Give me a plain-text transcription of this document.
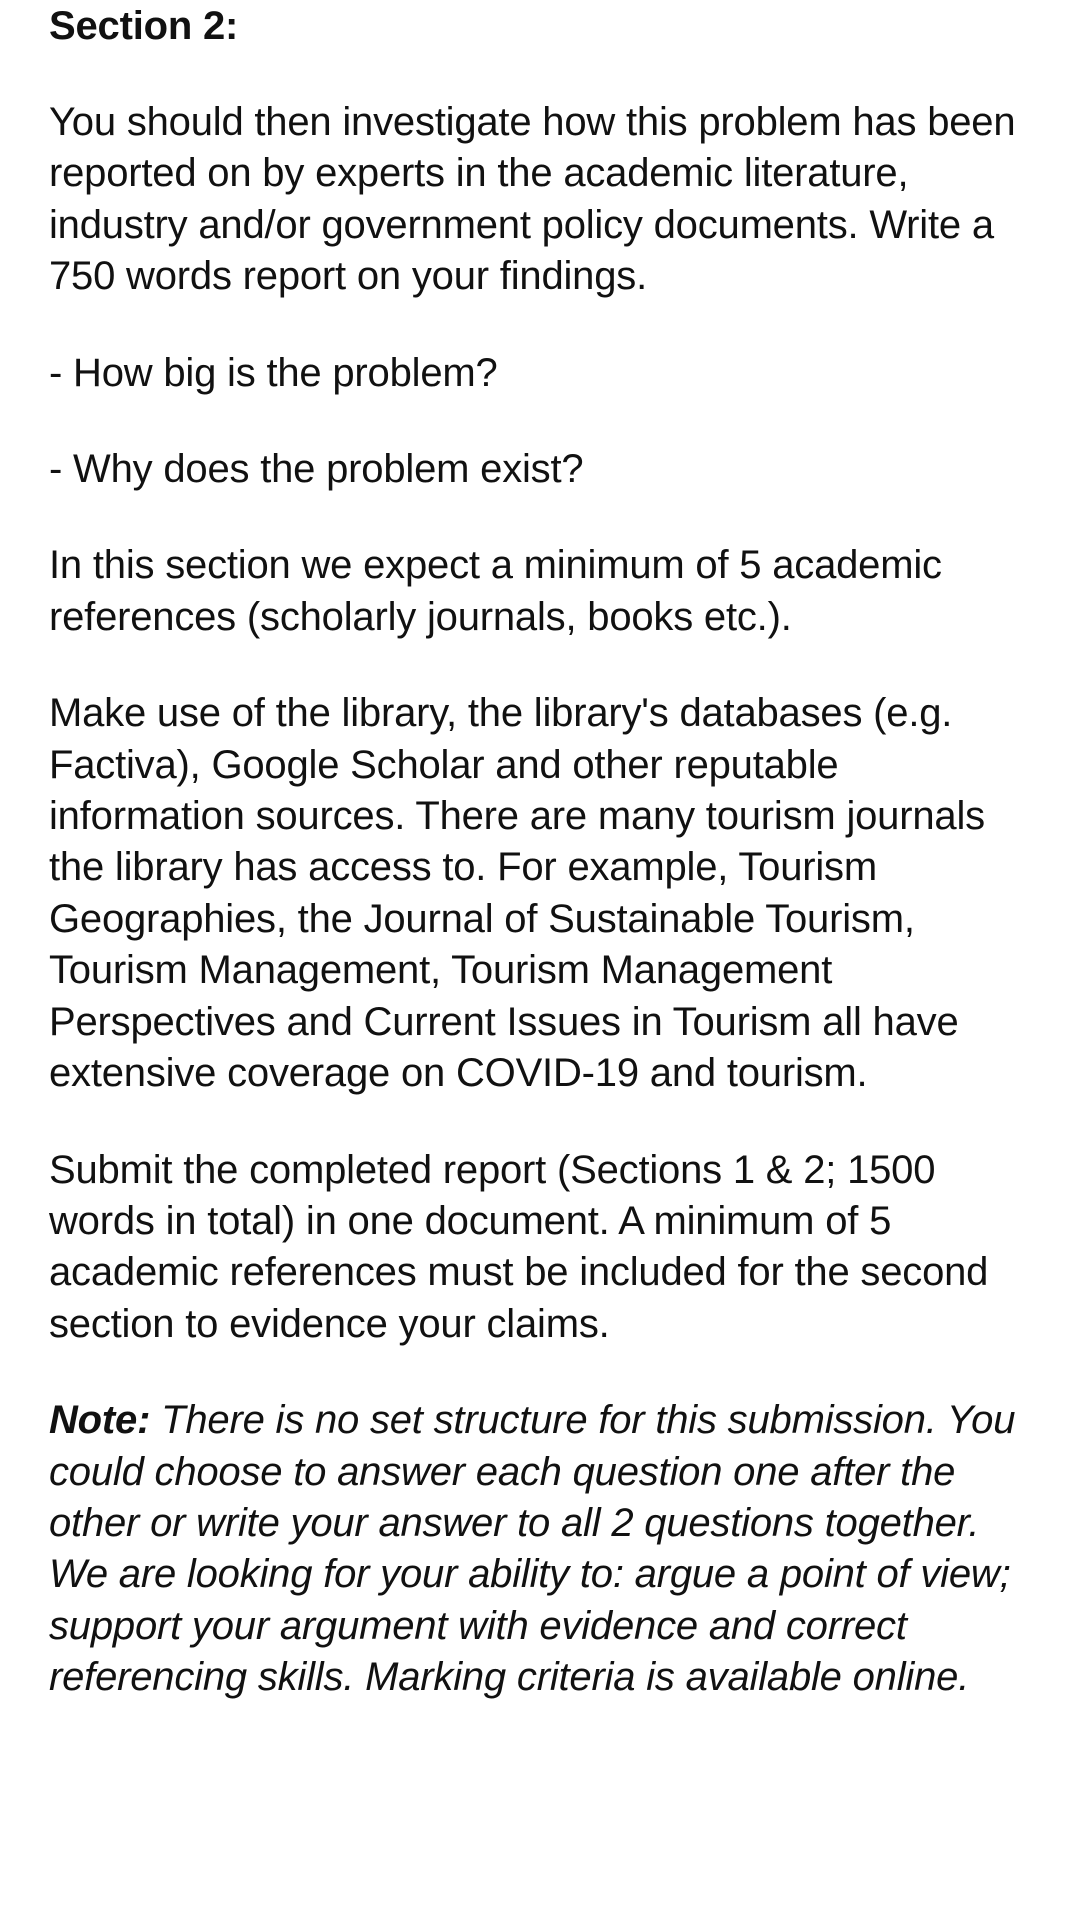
Section 2:

You should then investigate how this problem has been reported on by experts in the academic literature, industry and/or government policy documents. Write a 750 words report on your findings.

- How big is the problem?

- Why does the problem exist?

In this section we expect a minimum of 5 academic references (scholarly journals, books etc.).

Make use of the library, the library's databases (e.g. Factiva), Google Scholar and other reputable information sources. There are many tourism journals the library has access to. For example, Tourism Geographies, the Journal of Sustainable Tourism, Tourism Management, Tourism Management Perspectives and Current Issues in Tourism all have extensive coverage on COVID-19 and tourism.

Submit the completed report (Sections 1 & 2; 1500 words in total) in one document. A minimum of 5 academic references must be included for the second section to evidence your claims.

Note: There is no set structure for this submission. You could choose to answer each question one after the other or write your answer to all 2 questions together. We are looking for your ability to: argue a point of view; support your argument with evidence and correct referencing skills. Marking criteria is available online.
